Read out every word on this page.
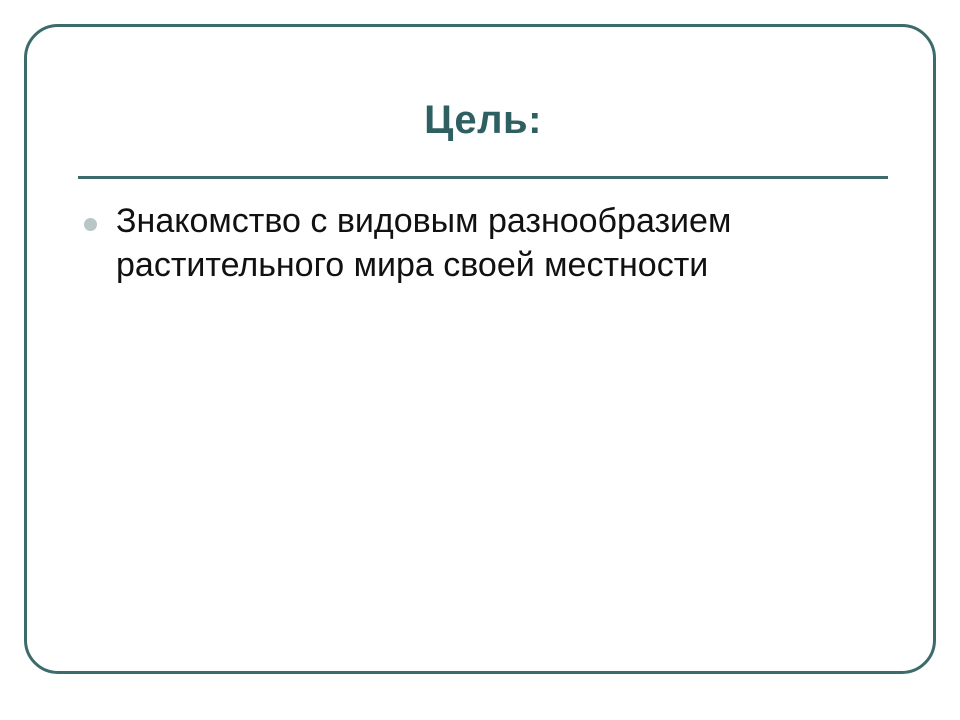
Цель:
Знакомство с видовым разнообразием растительного мира своей местности
